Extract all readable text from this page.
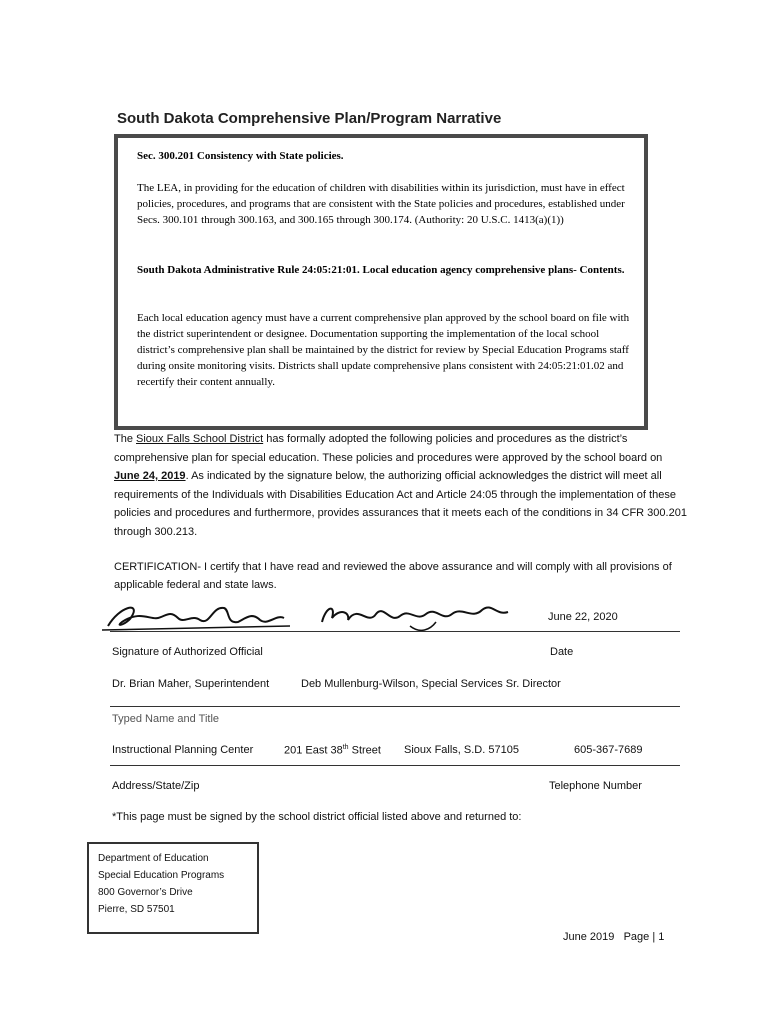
South Dakota Comprehensive Plan/Program Narrative
Sec. 300.201 Consistency with State policies.
The LEA, in providing for the education of children with disabilities within its jurisdiction, must have in effect policies, procedures, and programs that are consistent with the State policies and procedures, established under Secs. 300.101 through 300.163, and 300.165 through 300.174. (Authority: 20 U.S.C. 1413(a)(1))
South Dakota Administrative Rule 24:05:21:01. Local education agency comprehensive plans- Contents.
Each local education agency must have a current comprehensive plan approved by the school board on file with the district superintendent or designee. Documentation supporting the implementation of the local school district’s comprehensive plan shall be maintained by the district for review by Special Education Programs staff during onsite monitoring visits. Districts shall update comprehensive plans consistent with 24:05:21:01.02 and recertify their content annually.
The Sioux Falls School District has formally adopted the following policies and procedures as the district’s comprehensive plan for special education. These policies and procedures were approved by the school board on June 24, 2019. As indicated by the signature below, the authorizing official acknowledges the district will meet all requirements of the Individuals with Disabilities Education Act and Article 24:05 through the implementation of these policies and procedures and furthermore, provides assurances that it meets each of the conditions in 34 CFR 300.201 through 300.213.
CERTIFICATION- I certify that I have read and reviewed the above assurance and will comply with all provisions of applicable federal and state laws.
June 22, 2020
Signature of Authorized Official	Date
Dr. Brian Maher, Superintendent	Deb Mullenburg-Wilson, Special Services Sr. Director
Typed Name and Title
Instructional Planning Center	201 East 38th Street Sioux Falls, S.D. 57105	605-367-7689
Address/State/Zip	Telephone Number
*This page must be signed by the school district official listed above and returned to:
Department of Education
Special Education Programs
800 Governor’s Drive
Pierre, SD 57501
June 2019 Page | 1
